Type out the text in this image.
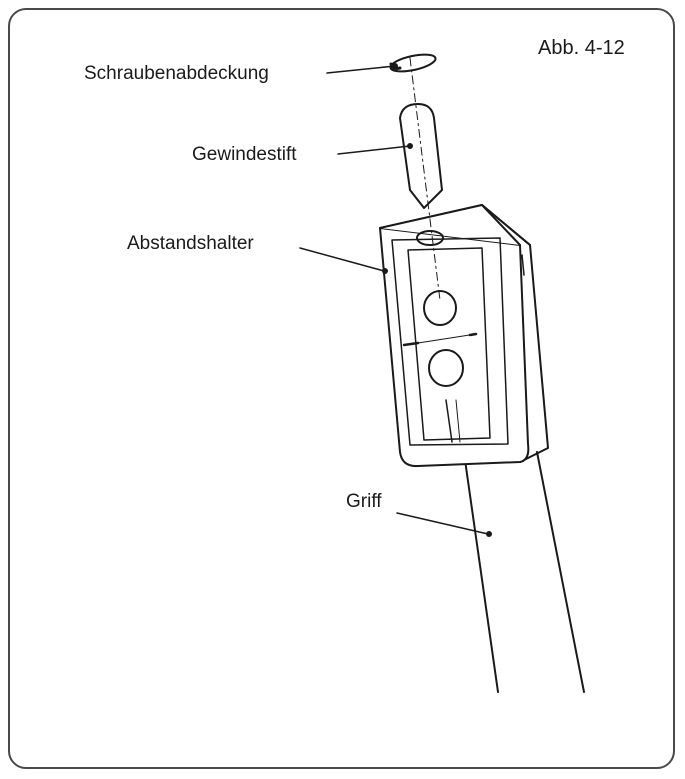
Abb. 4-12
Schraubenabdeckung
Gewindestift
Abstandshalter
Griff
